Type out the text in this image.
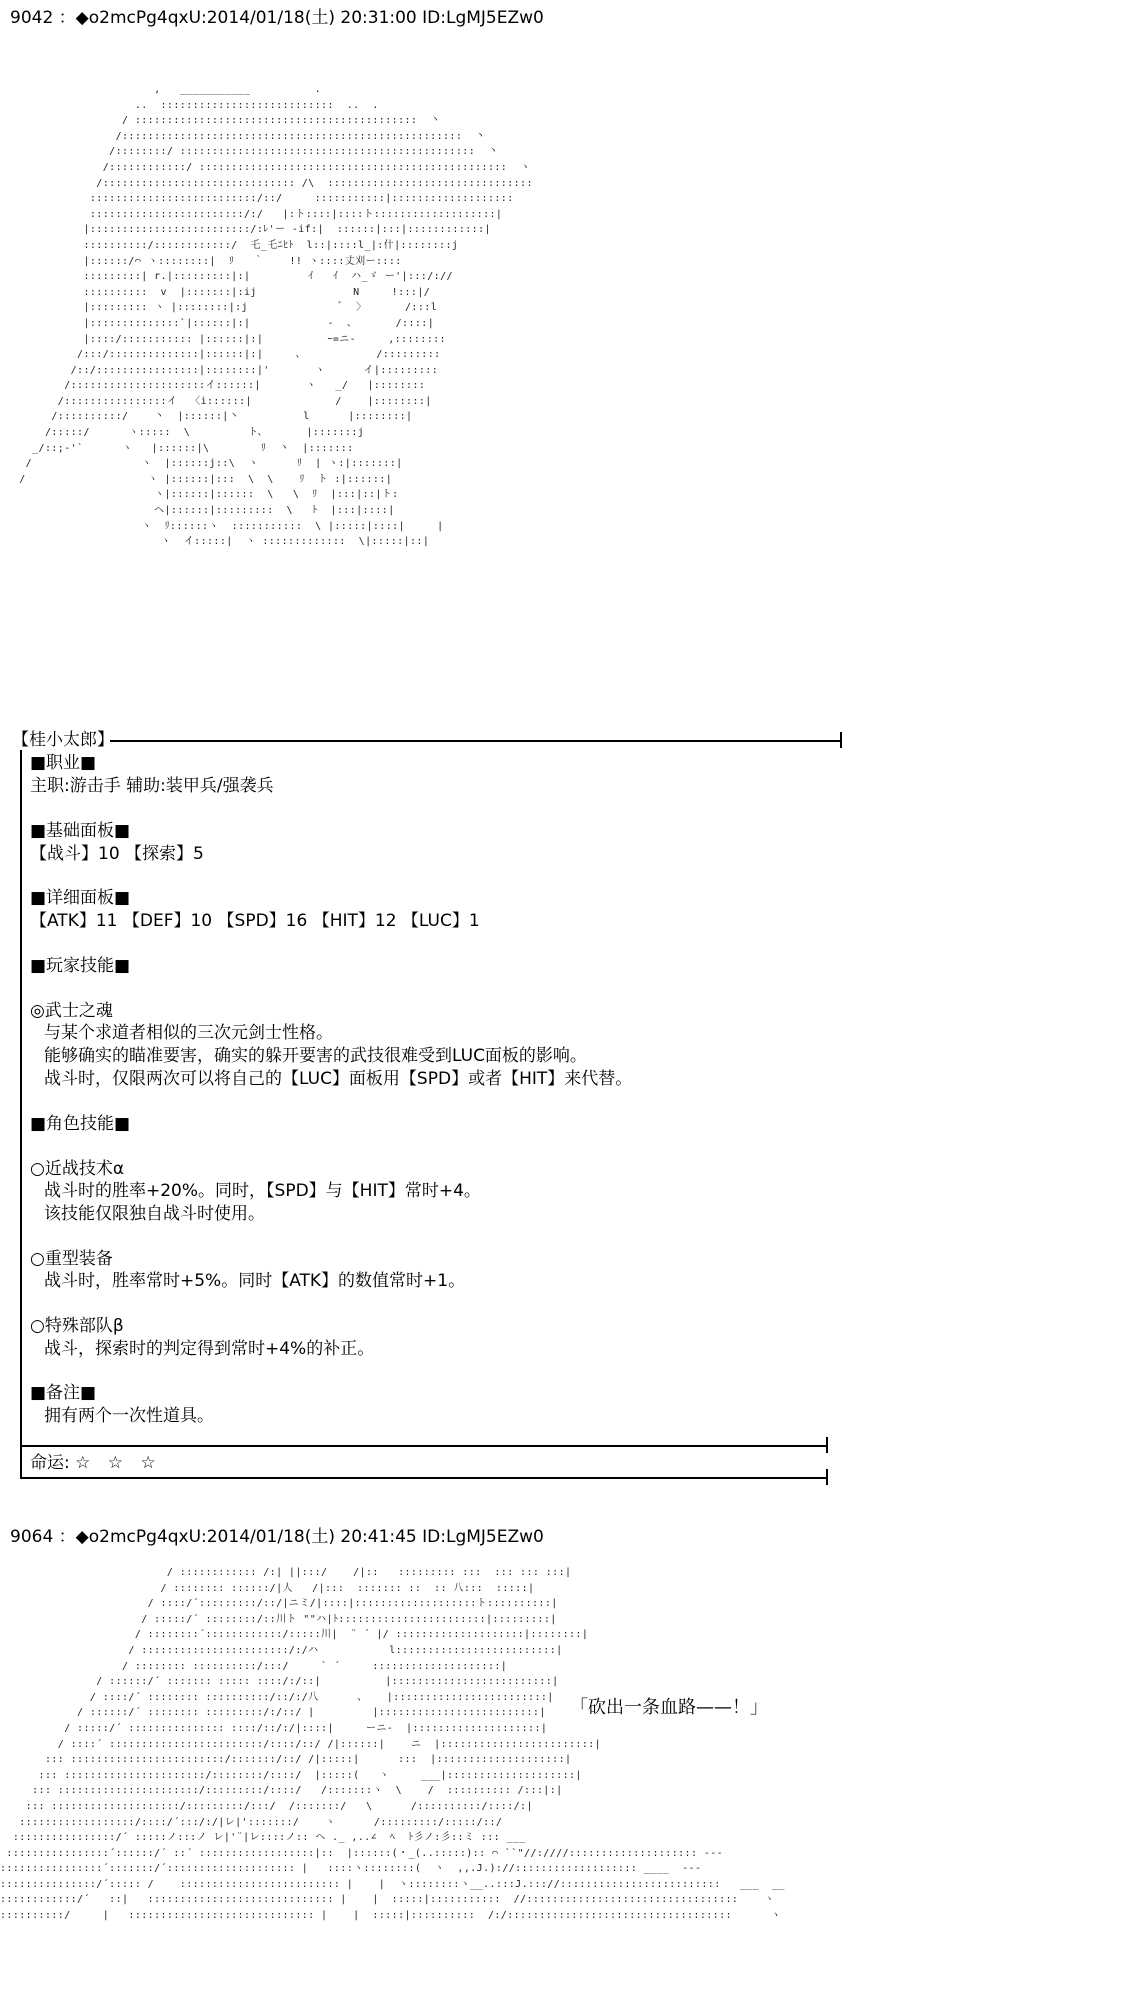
9042 ：◆o2mcPg4qxU:2014/01/18(土) 20:31:00 ID:LgMJ5EZw0
,   ___________          .
..  :::::::::::::::::::::::::::  ..  .
/ ::::::::::::::::::::::::::::::::::::::::::::  丶
/:::::::::::::::::::::::::::::::::::::::::::::::::::::  丶
/::::::::/ ::::::::::::::::::::::::::::::::::::::::::::::  丶
/::::::::::::/ ::::::::::::::::::::::::::::::::::::::::::::::::  ヽ
/:::::::::::::::::::::::::::::: /\  ::::::::::::::::::::::::::::::::
::::::::::::::::::::::::::/::/     :::::::::::|:::::::::::::::::::
::::::::::::::::::::::::/:/   |:ト::::|::::ト:::::::::::::::::::|
|:::::::::::::::::::::::::/:ﾚ'ー -if:|  ::::::|:::|::::::::::::|
::::::::::/::::::::::::/  乇_乇ﾆﾋﾄ  l::|::::l_|:什|::::::::j
|::::::/⌒ ヽ::::::::|  ﾘ   ｀    !! ヽ::::丈刈ー::::
:::::::::| r.|:::::::::|:|         ｲ   ｲ  ハ_ゞ ー'|:::/://
::::::::::  v  |:::::::|:ij               N     !:::|/
|::::::::: ヽ |::::::::|:j              ﾞ  〉      /:::l
|::::::::::::::`|::::::|:|            -  、      /::::|
|::::/::::::::::: |::::::|:|          ｰ=ニ-     ,::::::::
/:::/::::::::::::::|::::::|:|     、           /:::::::::
/::/::::::::::::::::|::::::::|'       ヽ      イ|:::::::::
/:::::::::::::::::::::イ::::::|       ヽ   _/   |::::::::
/::::::::::::::::イ  〈i::::::|             /    |::::::::|
/::::::::::/    丶  |::::::|丶          l      |::::::::|
/:::::/      ヽ:::::  \         ト、      |:::::::j
_/::;-'`      ヽ   |::::::|\        ﾘ  丶  |:::::::
/                 ヽ  |::::::j::\  ヽ      ﾘ  | ヽ:|:::::::|
/                   ヽ |::::::|:::  \  \    ﾘ  ト :|::::::|
ヽ|::::::|::::::  \   \  ﾘ  |:::|::|ト:
ヘ|::::::|:::::::::  \   ﾄ  |:::|::::|
ヽ  ﾘ::::::ヽ  :::::::::::  \ |:::::|::::|     |
ヽ  イ:::::|  ヽ :::::::::::::  \|:::::|::|
【桂小太郎】
■职业■
主职:游击手 辅助:装甲兵/强袭兵
■基础面板■
【战斗】10 【探索】5
■详细面板■
【ATK】11 【DEF】10 【SPD】16 【HIT】12 【LUC】1
■玩家技能■
◎武士之魂
与某个求道者相似的三次元剑士性格。
能够确实的瞄准要害，确实的躲开要害的武技很难受到LUC面板的影响。
战斗时，仅限两次可以将自己的【LUC】面板用【SPD】或者【HIT】来代替。
■角色技能■
○近战技术α
战斗时的胜率+20%。同时，【SPD】与【HIT】常时+4。
该技能仅限独自战斗时使用。
○重型装备
战斗时，胜率常时+5%。同时【ATK】的数值常时+1。
○特殊部队β
战斗，探索时的判定得到常时+4%的补正。
■备注■
拥有两个一次性道具。
命运: ☆ ☆ ☆
9064 ：◆o2mcPg4qxU:2014/01/18(土) 20:41:45 ID:LgMJ5EZw0
/ :::::::::::: /:| ||:::/    /|::   ::::::::: :::  ::: ::: :::|
/ :::::::: ::::::/|人   /|:::  ::::::: ::  :: 八:::  :::::|
/ ::::/´:::::::::/::/|ニミ/|::::|:::::::::::::::::::ト::::::::::|
/ :::::/´ ::::::::/::川ト ""ハ|ﾄ:::::::::::::::::::::::|:::::::::|
/ ::::::::´::::::::::::/:::::川|  ¨ ´ |/ ::::::::::::::::::::|::::::::|
/ :::::::::::::::::::::::/:/ハ           l:::::::::::::::::::::::::|
/ :::::::: ::::::::::/:::/     ` ´     ::::::::::::::::::::|
/ ::::::/´ ::::::: ::::: ::::/:/::|          |:::::::::::::::::::::::::|
/ ::::/´ :::::::: ::::::::::/::/:/八      、   |::::::::::::::::::::::::|
/ ::::::/´ :::::::: :::::::::/:/::/ |         |:::::::::::::::::::::::::|
/ :::::/´ ::::::::::::::: ::::/::/:/|::::|     ーニ-  |::::::::::::::::::::|
/ ::::´ ::::::::::::::::::::::::/::::/::/ /|::::::|    ニ  |::::::::::::::::::::::::|
::: ::::::::::::::::::::::::/:::::::/::/ /|:::::|      :::  |::::::::::::::::::::|
::: ::::::::::::::::::::::/::::::::/::::/  |:::::(   ヽ     ___|::::::::::::::::::::|
::: ::::::::::::::::::::::/:::::::::/::::/   /:::::::ヽ  \    /  :::::::::: /:::|:|
::: ::::::::::::::::::::/:::::::::/:::/  /:::::::/   \      /::::::::::/::::/:|
::::::::::::::::::/::::/´:::/:/|レ|':::::::/    ヽ      /:::::::::/:::::/::/
::::::::::::::::/´ :::::ノ:::ノ レ|'¨|レ::::ノ:: ヘ ._ ,..∠  ﾍ  ﾄ彡ノ:彡::ミ ::: ___
::::::::::::::::´::::::/´ ::´ ::::::::::::::::::|::  |::::::(・_(..:::::):: ⌒ ``"//:////:::::::::::::::::::: ---
::::::::::::::::´:::::::/´:::::::::::::::::::: |   ::::ヽ::::::::(  ヽ  ,,.J.)://::::::::::::::::::: ____  ---
:::::::::::::::/´::::: /    ::::::::::::::::::::::::: |    |  ヽ::::::::ヽ__..:::J.::://:::::::::::::::::::::::::   ___  __
::::::::::::/´   ::|   ::::::::::::::::::::::::::::: |    |  :::::|:::::::::::  //:::::::::::::::::::::::::::::::::    ヽ
::::::::::/     |   ::::::::::::::::::::::::::::: |    |  :::::|::::::::::  /:/:::::::::::::::::::::::::::::::::::      ヽ
「砍出一条血路——！」
